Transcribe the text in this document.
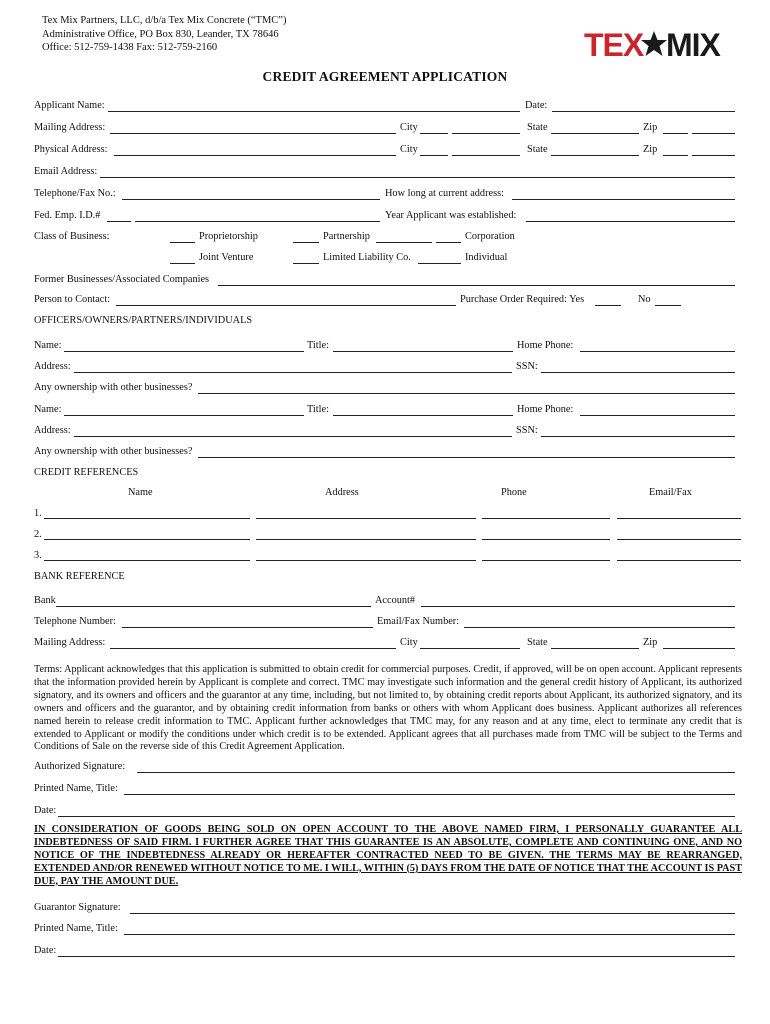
Tex Mix Partners, LLC, d/b/a Tex Mix Concrete (“TMC”)
Administrative Office, PO Box 830, Leander, TX 78646
Office: 512-759-1438 Fax: 512-759-2160	TEX MIX
CREDIT AGREEMENT APPLICATION
Applicant Name:	Date:
Mailing Address:	City	State	Zip
Physical Address:	City	State	Zip
Email Address:
Telephone/Fax No.:	How long at current address:
Fed. Emp. I.D.#	Year Applicant was established:
Class of Business:	Proprietorship	Partnership	Corporation
Joint Venture	Limited Liability Co.	Individual
Former Businesses/Associated Companies
Person to Contact:	Purchase Order Required: Yes	No
OFFICERS/OWNERS/PARTNERS/INDIVIDUALS
Name:	Title:	Home Phone:
Address:	SSN:
Any ownership with other businesses?
Name:	Title:	Home Phone:
Address:	SSN:
Any ownership with other businesses?
CREDIT REFERENCES
Name	Address	Phone	Email/Fax
1.
2.
3.
BANK REFERENCE
Bank	Account#
Telephone Number:	Email/Fax Number:
Mailing Address:	City	State	Zip
Terms: Applicant acknowledges that this application is submitted to obtain credit for commercial purposes. Credit, if approved, will be on open account. Applicant represents that the information provided herein by Applicant is complete and correct. TMC may investigate such information and the general credit history of Applicant, its authorized signatory, and its owners and officers and the guarantor at any time, including, but not limited to, by obtaining credit reports about Applicant, its authorized signatory, and its owners and officers and the guarantor, and by obtaining credit information from banks or others with whom Applicant does business. Applicant authorizes all references named herein to release credit information to TMC. Applicant further acknowledges that TMC may, for any reason and at any time, elect to terminate any credit that is extended to Applicant or modify the conditions under which credit is to be extended. Applicant agrees that all purchases made from TMC will be subject to the Terms and Conditions of Sale on the reverse side of this Credit Agreement Application.
Authorized Signature:
Printed Name, Title:
Date:
IN CONSIDERATION OF GOODS BEING SOLD ON OPEN ACCOUNT TO THE ABOVE NAMED FIRM, I PERSONALLY GUARANTEE ALL INDEBTEDNESS OF SAID FIRM. I FURTHER AGREE THAT THIS GUARANTEE IS AN ABSOLUTE, COMPLETE AND CONTINUING ONE, AND NO NOTICE OF THE INDEBTEDNESS ALREADY OR HEREAFTER CONTRACTED NEED TO BE GIVEN. THE TERMS MAY BE REARRANGED, EXTENDED AND/OR RENEWED WITHOUT NOTICE TO ME. I WILL, WITHIN (5) DAYS FROM THE DATE OF NOTICE THAT THE ACCOUNT IS PAST DUE, PAY THE AMOUNT DUE.
Guarantor Signature:
Printed Name, Title:
Date:
